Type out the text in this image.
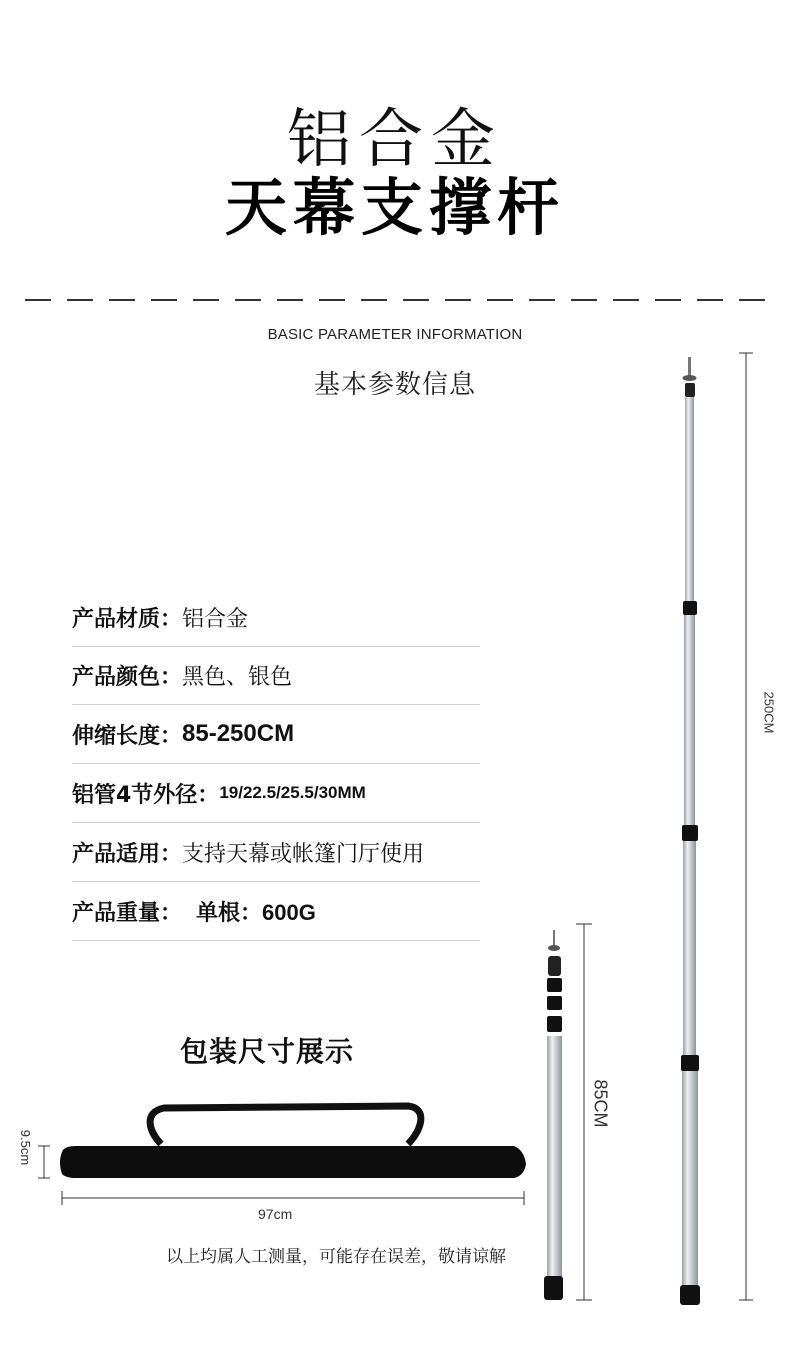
铝合金
天幕支撑杆
BASIC PARAMETER INFORMATION
基本参数信息
产品材质： 铝合金
产品颜色： 黑色、银色
伸缩长度： 85-250CM
铝管4节外径： 19/22.5/25.5/30MM
产品适用： 支持天幕或帐篷门厅使用
产品重量： 单根：600G
250CM
85CM
包装尺寸展示
9.5cm
97cm
以上均属人工测量，可能存在误差，敬请谅解
